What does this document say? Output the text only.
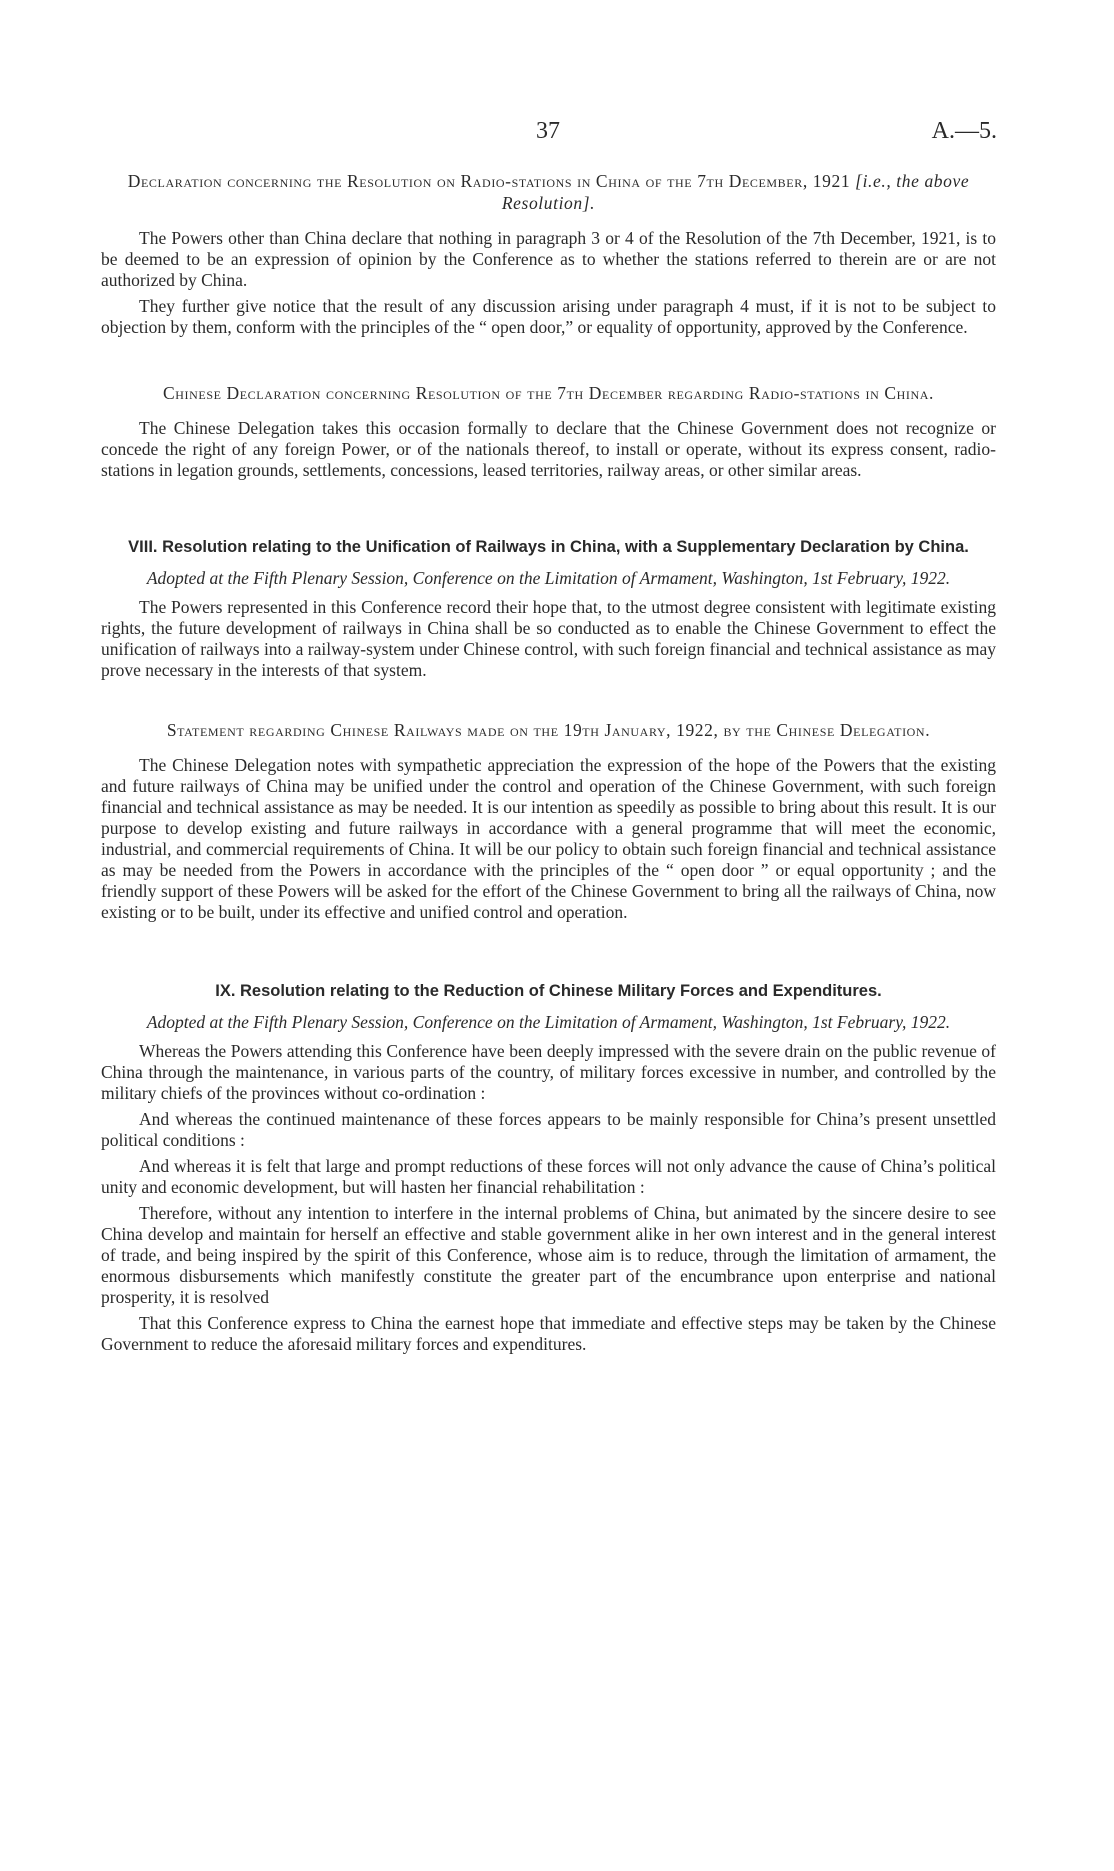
37	A.—5.
Declaration concerning the Resolution on Radio-stations in China of the 7th December, 1921 [i.e., the above Resolution].

The Powers other than China declare that nothing in paragraph 3 or 4 of the Resolution of the 7th December, 1921, is to be deemed to be an expression of opinion by the Conference as to whether the stations referred to therein are or are not authorized by China.

They further give notice that the result of any discussion arising under paragraph 4 must, if it is not to be subject to objection by them, conform with the principles of the “ open door,” or equality of opportunity, approved by the Conference.

Chinese Declaration concerning Resolution of the 7th December regarding Radio-stations in China.

The Chinese Delegation takes this occasion formally to declare that the Chinese Government does not recognize or concede the right of any foreign Power, or of the nationals thereof, to install or operate, without its express consent, radio-stations in legation grounds, settlements, concessions, leased territories, railway areas, or other similar areas.

VIII. Resolution relating to the Unification of Railways in China, with a Supplementary Declaration by China.
Adopted at the Fifth Plenary Session, Conference on the Limitation of Armament, Washington, 1st February, 1922.

The Powers represented in this Conference record their hope that, to the utmost degree consistent with legitimate existing rights, the future development of railways in China shall be so conducted as to enable the Chinese Government to effect the unification of railways into a railway-system under Chinese control, with such foreign financial and technical assistance as may prove necessary in the interests of that system.

Statement regarding Chinese Railways made on the 19th January, 1922, by the Chinese Delegation.

The Chinese Delegation notes with sympathetic appreciation the expression of the hope of the Powers that the existing and future railways of China may be unified under the control and operation of the Chinese Government, with such foreign financial and technical assistance as may be needed. It is our intention as speedily as possible to bring about this result. It is our purpose to develop existing and future railways in accordance with a general programme that will meet the economic, industrial, and commercial requirements of China. It will be our policy to obtain such foreign financial and technical assistance as may be needed from the Powers in accordance with the principles of the “ open door ” or equal opportunity ; and the friendly support of these Powers will be asked for the effort of the Chinese Government to bring all the railways of China, now existing or to be built, under its effective and unified control and operation.

IX. Resolution relating to the Reduction of Chinese Military Forces and Expenditures.
Adopted at the Fifth Plenary Session, Conference on the Limitation of Armament, Washington, 1st February, 1922.

Whereas the Powers attending this Conference have been deeply impressed with the severe drain on the public revenue of China through the maintenance, in various parts of the country, of military forces excessive in number, and controlled by the military chiefs of the provinces without co-ordination :

And whereas the continued maintenance of these forces appears to be mainly responsible for China’s present unsettled political conditions :

And whereas it is felt that large and prompt reductions of these forces will not only advance the cause of China’s political unity and economic development, but will hasten her financial rehabilitation :

Therefore, without any intention to interfere in the internal problems of China, but animated by the sincere desire to see China develop and maintain for herself an effective and stable government alike in her own interest and in the general interest of trade, and being inspired by the spirit of this Conference, whose aim is to reduce, through the limitation of armament, the enormous disbursements which manifestly constitute the greater part of the encumbrance upon enterprise and national prosperity, it is resolved

That this Conference express to China the earnest hope that immediate and effective steps may be taken by the Chinese Government to reduce the aforesaid military forces and expenditures.
